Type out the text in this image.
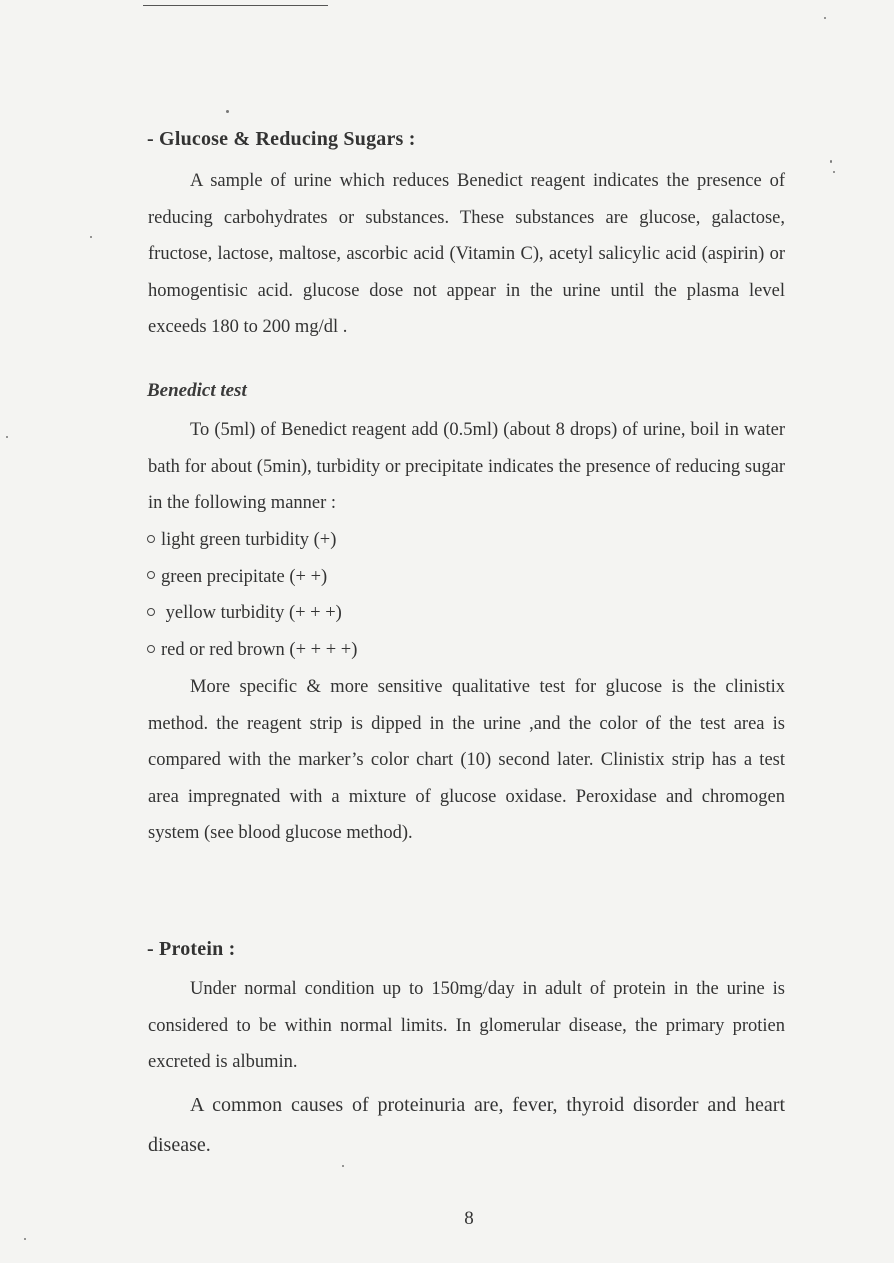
- Glucose & Reducing Sugars :

A sample of urine which reduces Benedict reagent indicates the presence of reducing carbohydrates or substances. These substances are glucose, galactose, fructose, lactose, maltose, ascorbic acid (Vitamin C), acetyl salicylic acid (aspirin) or homogentisic acid. glucose dose not appear in the urine until the plasma level exceeds 180 to 200 mg/dl .

Benedict test

To (5ml) of Benedict reagent add (0.5ml) (about 8 drops) of urine, boil in water bath for about (5min), turbidity or precipitate indicates the presence of reducing sugar in the following manner :

light green turbidity (+)
green precipitate (+ +)
yellow turbidity (+ + +)
red or red brown (+ + + +)

More specific & more sensitive qualitative test for glucose is the clinistix method. the reagent strip is dipped in the urine ,and the color of the test area is compared with the marker’s color chart (10) second later. Clinistix strip has a test area impregnated with a mixture of glucose oxidase. Peroxidase and chromogen system (see blood glucose method).

- Protein :

Under normal condition up to 150mg/day in adult of protein in the urine is considered to be within normal limits. In glomerular disease, the primary protien excreted is albumin.

A common causes of proteinuria are, fever, thyroid disorder and heart disease.

8
